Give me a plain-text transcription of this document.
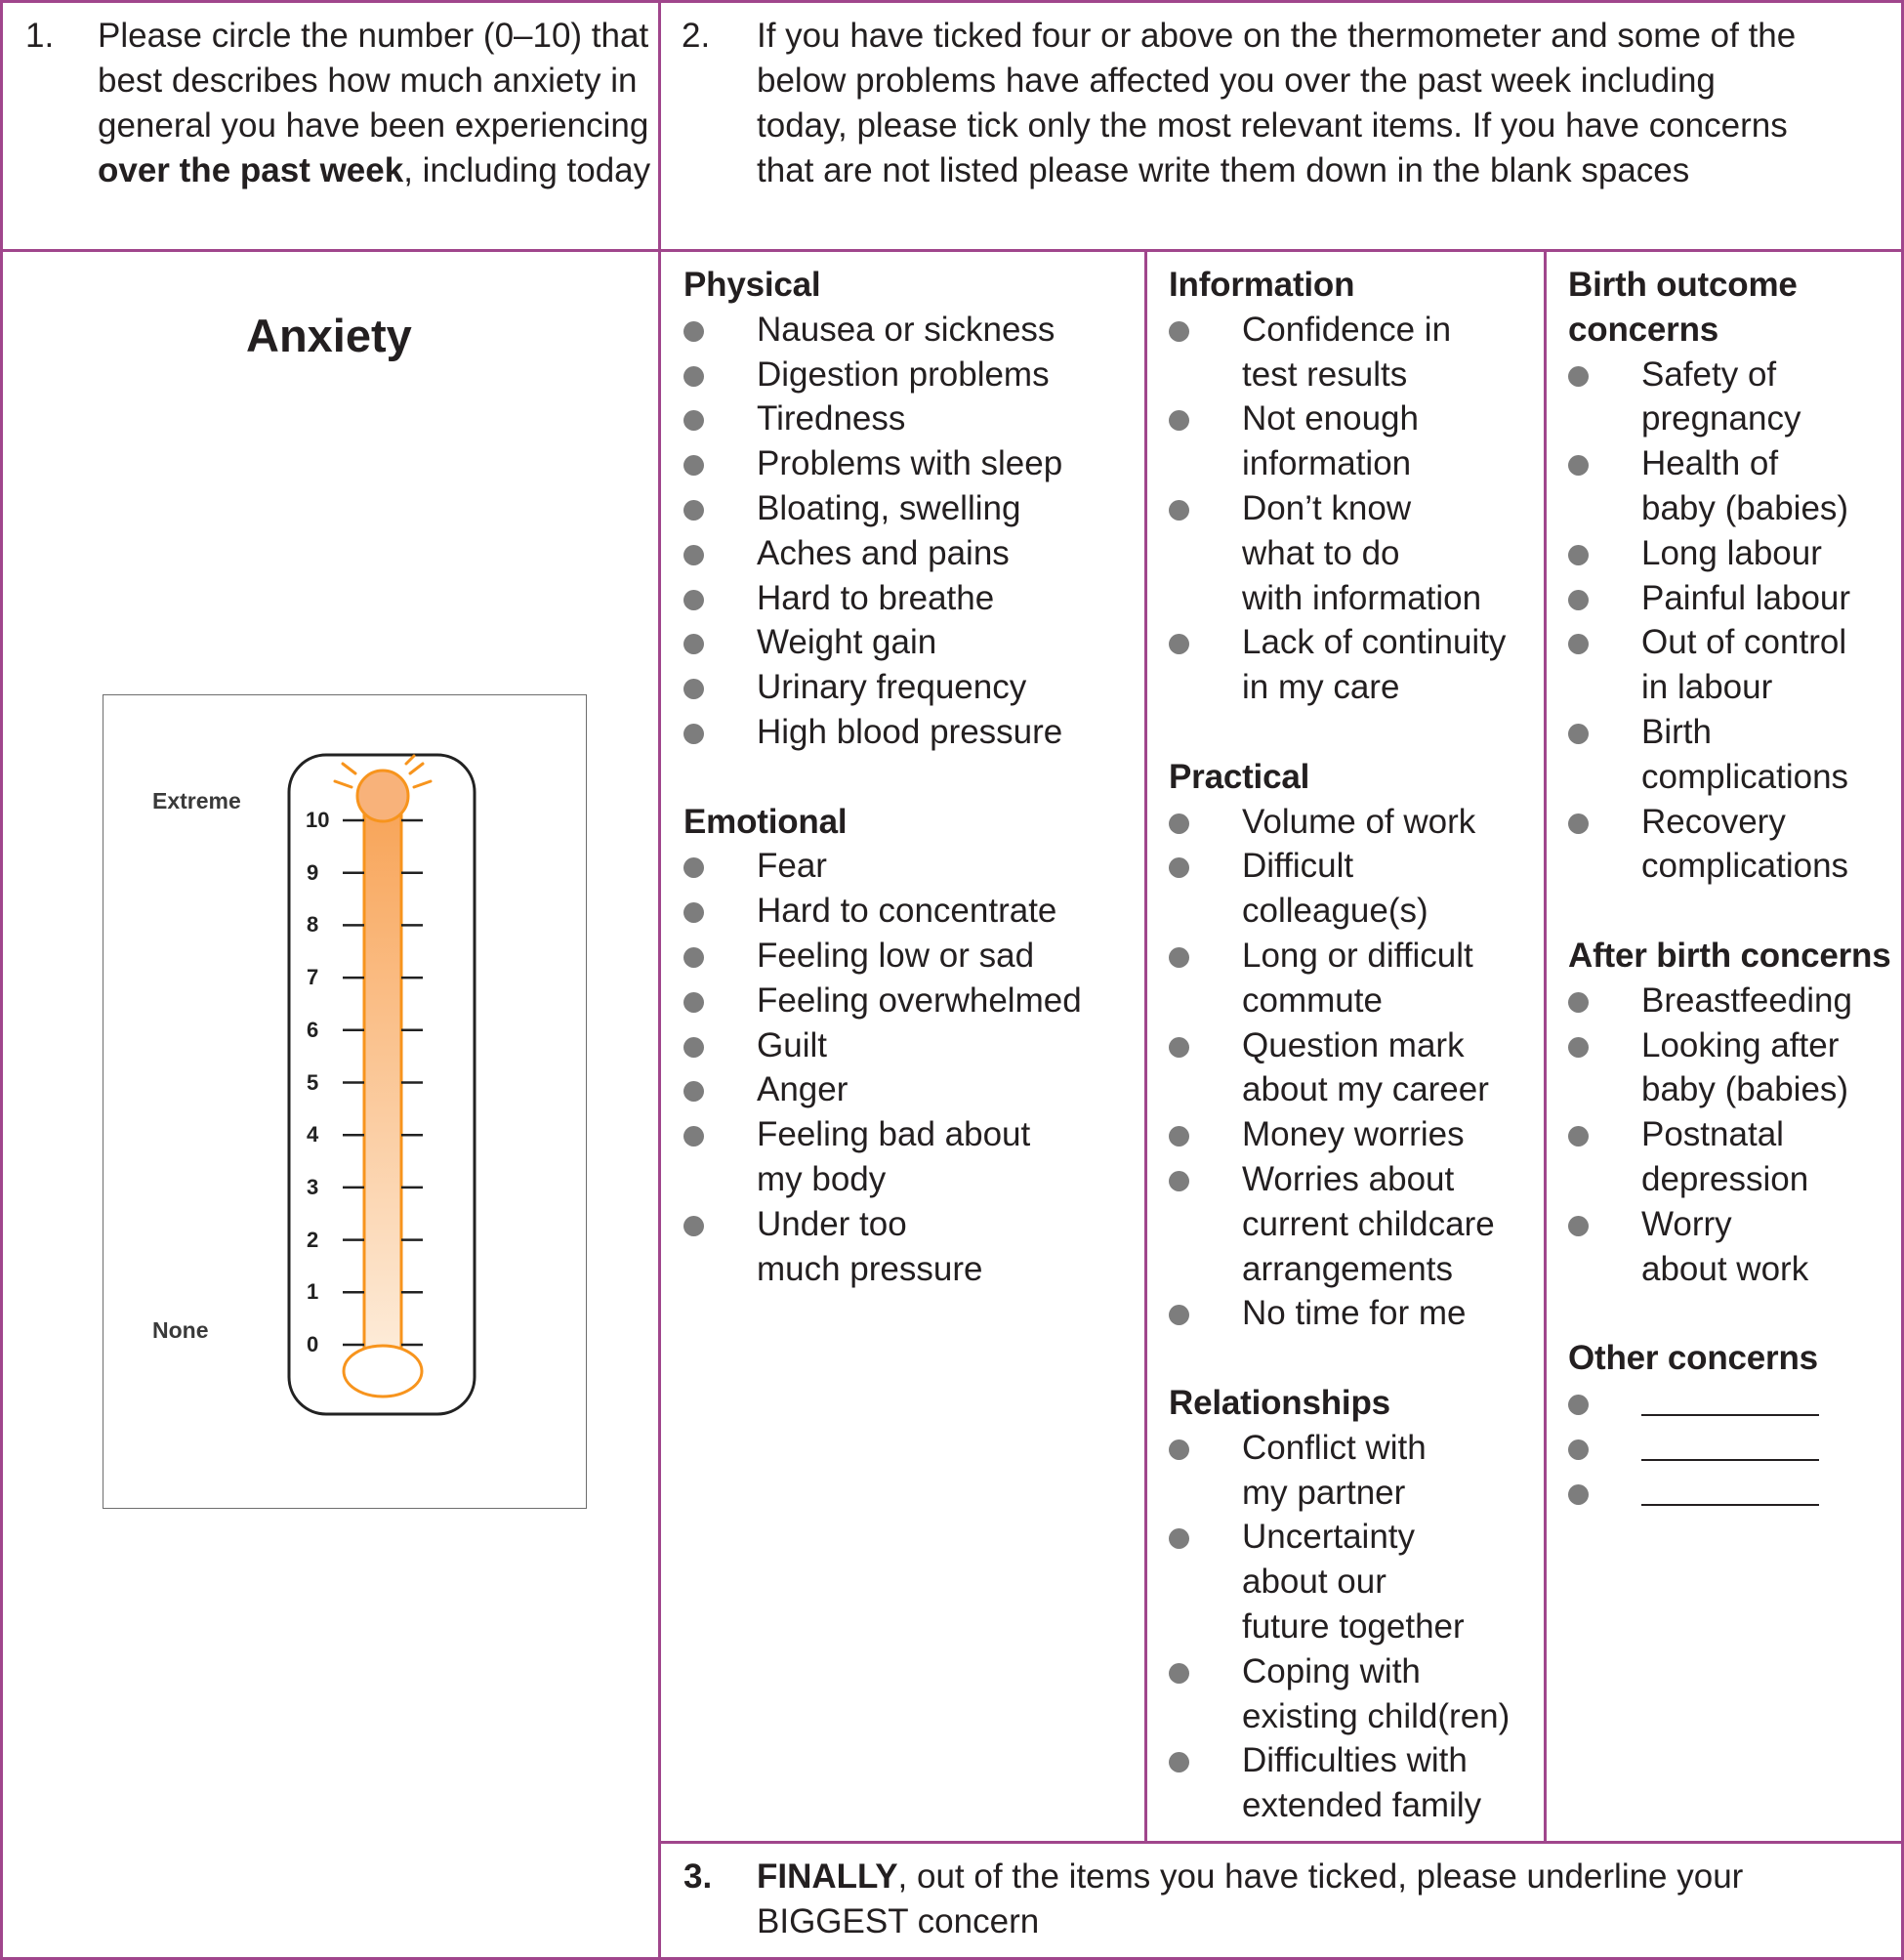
1. Please circle the number (0–10) that best describes how much anxiety in general you have been experiencing over the past week, including today
2. If you have ticked four or above on the thermometer and some of the below problems have affected you over the past week including today, please tick only the most relevant items. If you have concerns that are not listed please write them down in the blank spaces
Anxiety
Extreme
None
10
9
8
7
6
5
4
3
2
1
0
Physical
Nausea or sickness
Digestion problems
Tiredness
Problems with sleep
Bloating, swelling
Aches and pains
Hard to breathe
Weight gain
Urinary frequency
High blood pressure
Emotional
Fear
Hard to concentrate
Feeling low or sad
Feeling overwhelmed
Guilt
Anger
Feeling bad about
my body
Under too
much pressure
Information
Confidence in
test results
Not enough
information
Don’t know
what to do
with information
Lack of continuity
in my care
Practical
Volume of work
Difficult
colleague(s)
Long or difficult
commute
Question mark
about my career
Money worries
Worries about
current childcare
arrangements
No time for me
Relationships
Conflict with
my partner
Uncertainty
about our
future together
Coping with
existing child(ren)
Difficulties with
extended family
Birth outcome
concerns
Safety of
pregnancy
Health of
baby (babies)
Long labour
Painful labour
Out of control
in labour
Birth
complications
Recovery
complications
After birth concerns
Breastfeeding
Looking after
baby (babies)
Postnatal
depression
Worry
about work
Other concerns
3. FINALLY, out of the items you have ticked, please underline your BIGGEST concern
